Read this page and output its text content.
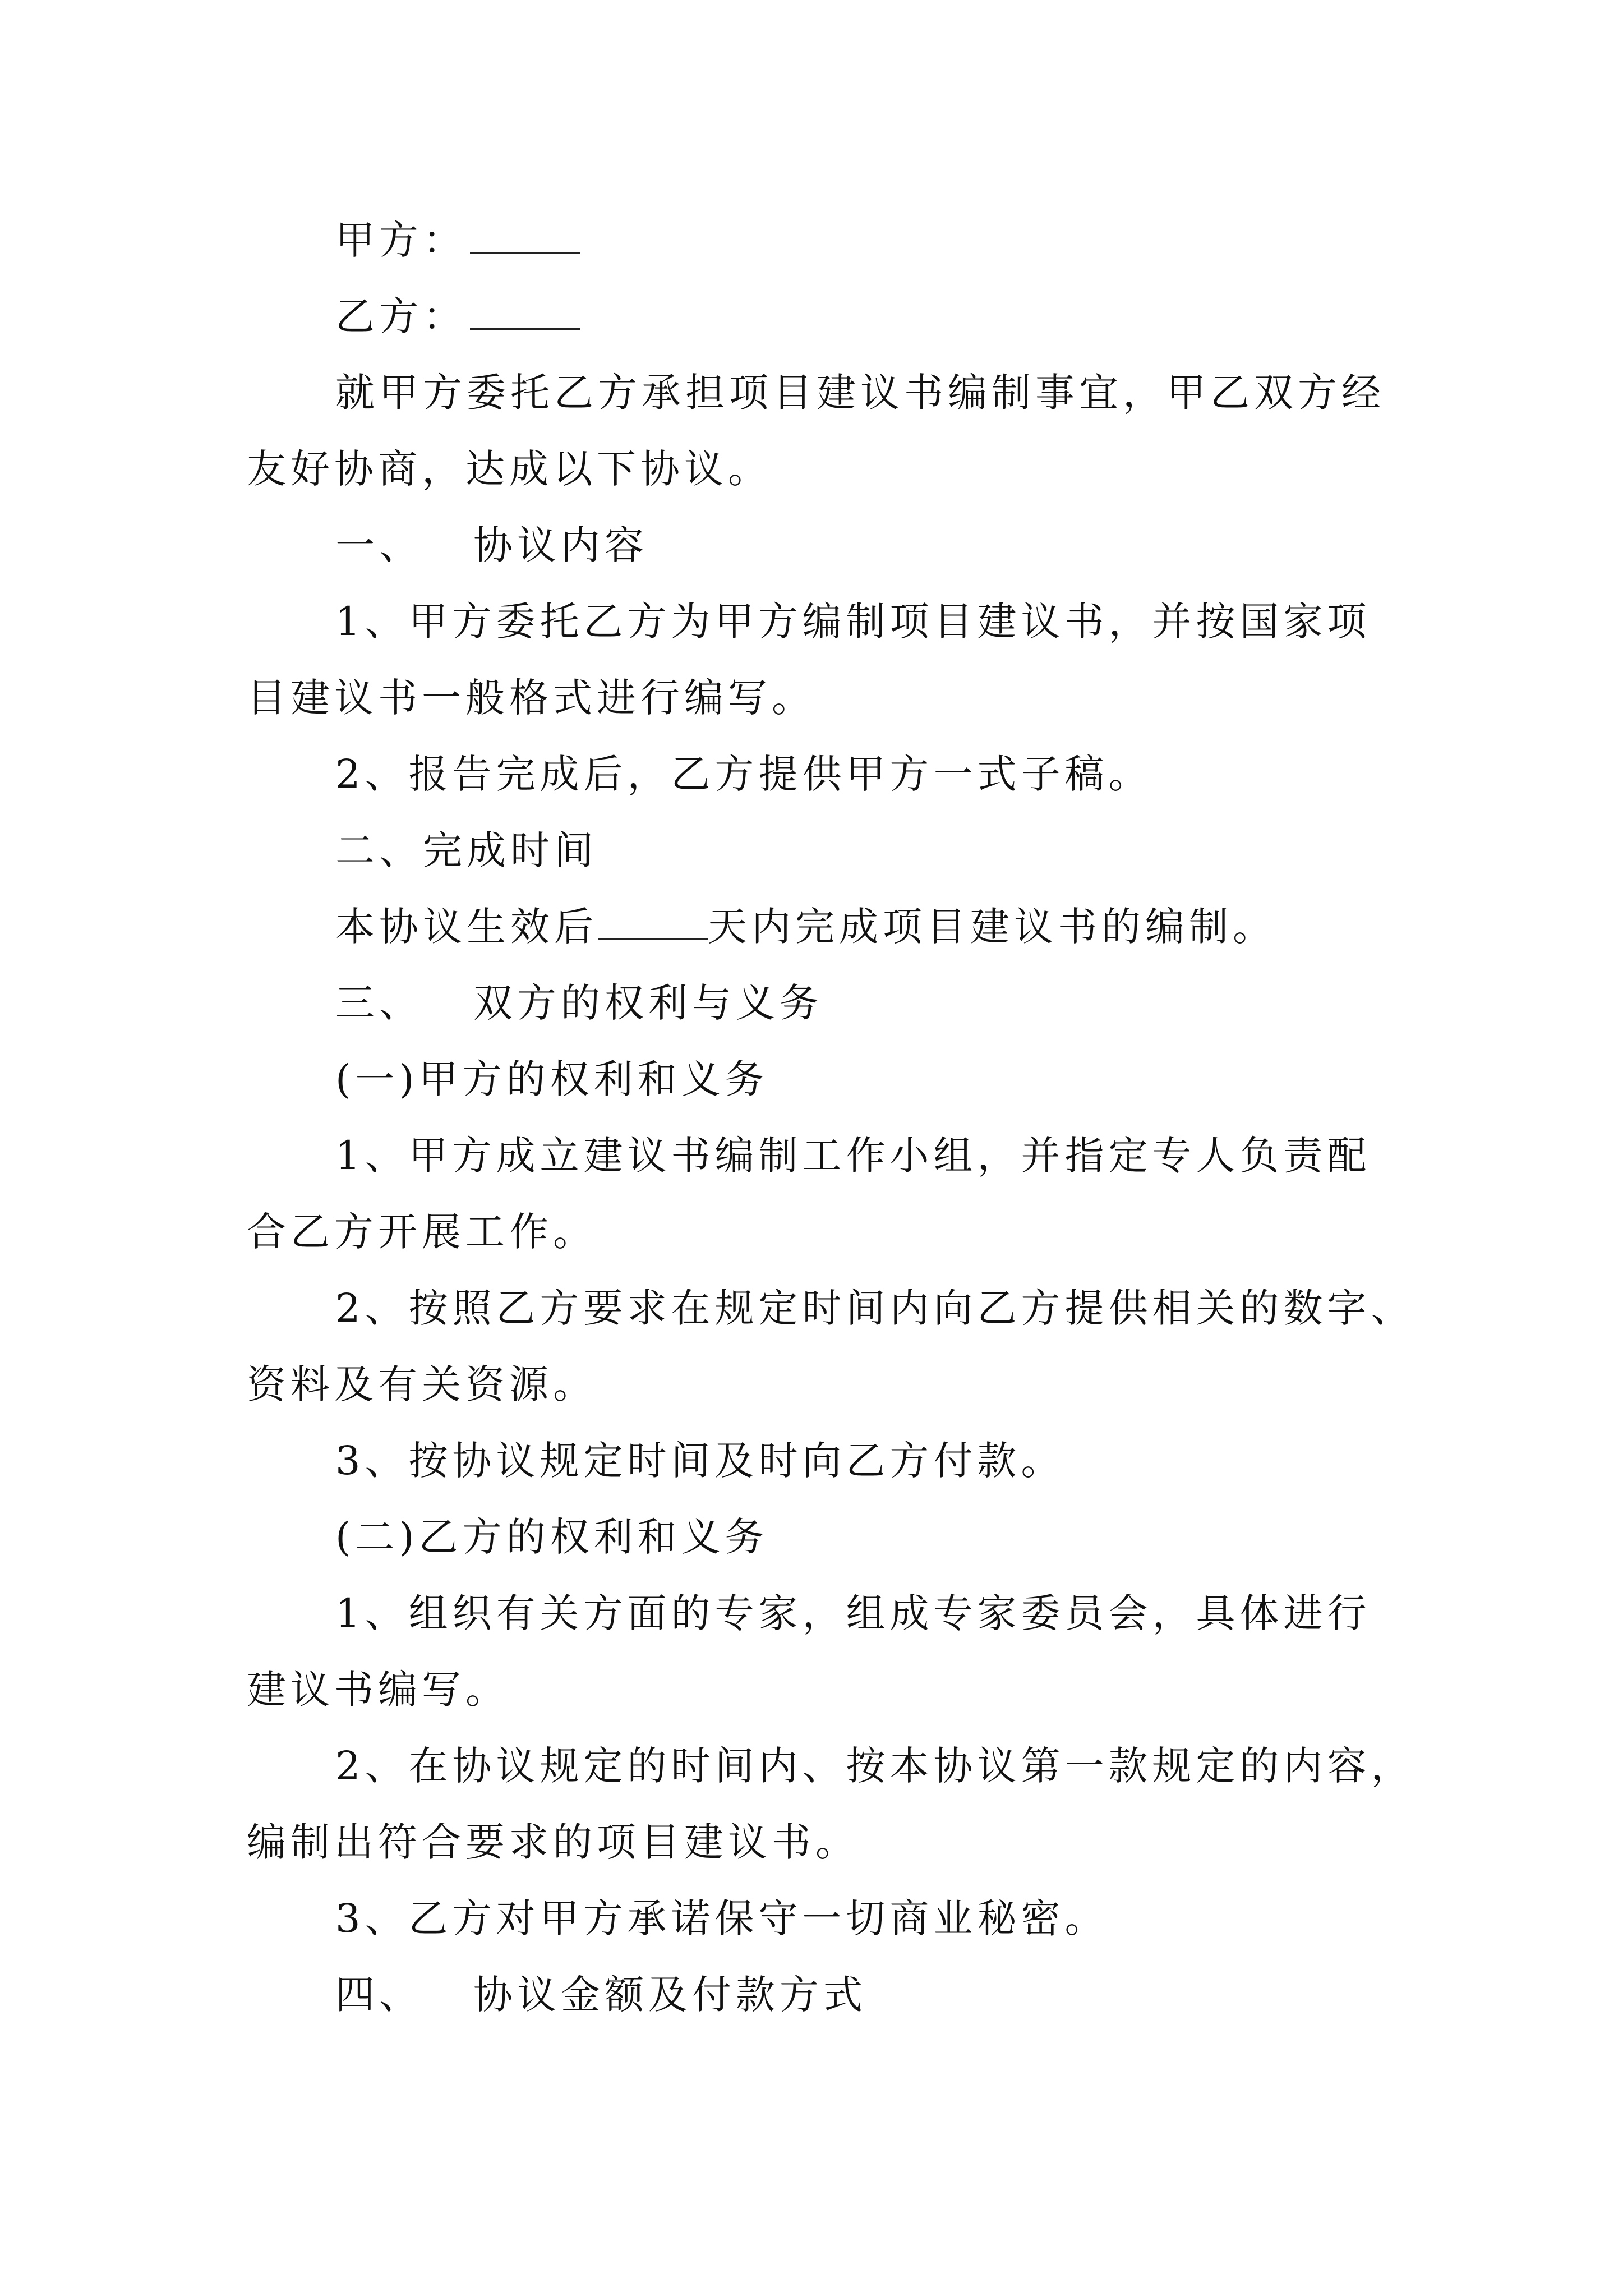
甲方：
乙方：
就甲方委托乙方承担项目建议书编制事宜，甲乙双方经
友好协商，达成以下协议。
一、 协议内容
1、甲方委托乙方为甲方编制项目建议书，并按国家项
目建议书一般格式进行编写。
2、报告完成后，乙方提供甲方一式子稿。
二、完成时间
本协议生效后	天内完成项目建议书的编制。
三、 双方的权利与义务
(一)甲方的权利和义务
1、甲方成立建议书编制工作小组，并指定专人负责配
合乙方开展工作。
2、按照乙方要求在规定时间内向乙方提供相关的数字、
资料及有关资源。
3、按协议规定时间及时向乙方付款。
(二)乙方的权利和义务
1、组织有关方面的专家，组成专家委员会，具体进行
建议书编写。
2、在协议规定的时间内、按本协议第一款规定的内容，
编制出符合要求的项目建议书。
3、乙方对甲方承诺保守一切商业秘密。
四、 协议金额及付款方式
